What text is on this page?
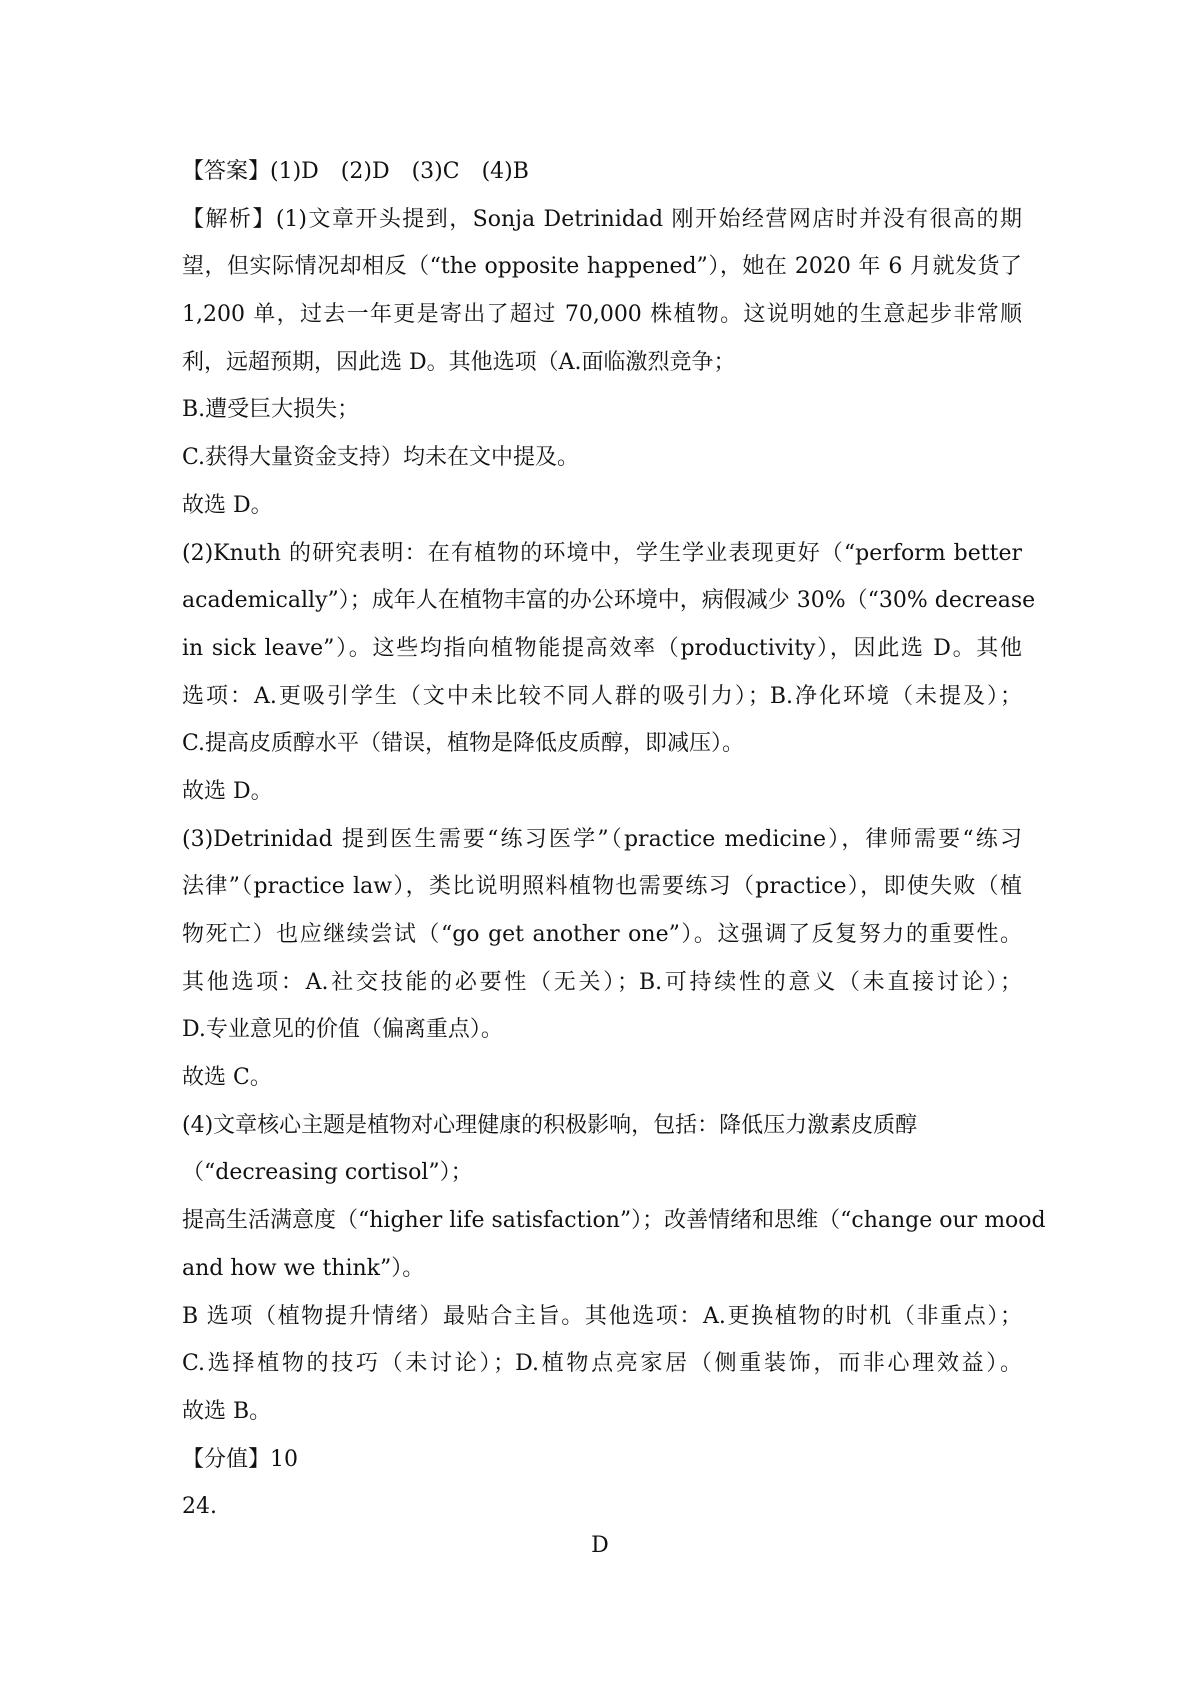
【答案】(1)D　(2)D　(3)C　(4)B
【解析】(1)文章开头提到，Sonja Detrinidad 刚开始经营网店时并没有很高的期
望，但实际情况却相反（“the opposite happened”），她在 2020 年 6 月就发货了
1,200 单，过去一年更是寄出了超过 70,000 株植物。这说明她的生意起步非常顺
利，远超预期，因此选 D。其他选项（A.面临激烈竞争；
B.遭受巨大损失；
C.获得大量资金支持）均未在文中提及。
故选 D。
(2)Knuth 的研究表明：在有植物的环境中，学生学业表现更好（“perform better
academically”）；成年人在植物丰富的办公环境中，病假减少 30%（“30% decrease
in sick leave”）。这些均指向植物能提高效率（productivity），因此选 D。其他
选项：A.更吸引学生（文中未比较不同人群的吸引力）；B.净化环境（未提及）；
C.提高皮质醇水平（错误，植物是降低皮质醇，即减压）。
故选 D。
(3)Detrinidad 提到医生需要“练习医学”（practice medicine），律师需要“练习
法律”（practice law），类比说明照料植物也需要练习（practice），即使失败（植
物死亡）也应继续尝试（“go get another one”）。这强调了反复努力的重要性。
其他选项：A.社交技能的必要性（无关）；B.可持续性的意义（未直接讨论）；
D.专业意见的价值（偏离重点）。
故选 C。
(4)文章核心主题是植物对心理健康的积极影响，包括：降低压力激素皮质醇
（“decreasing cortisol”）；
提高生活满意度（“higher life satisfaction”）；改善情绪和思维（“change our mood
and how we think”）。
B 选项（植物提升情绪）最贴合主旨。其他选项：A.更换植物的时机（非重点）；
C.选择植物的技巧（未讨论）；D.植物点亮家居（侧重装饰，而非心理效益）。
故选 B。
【分值】10
24.
D
